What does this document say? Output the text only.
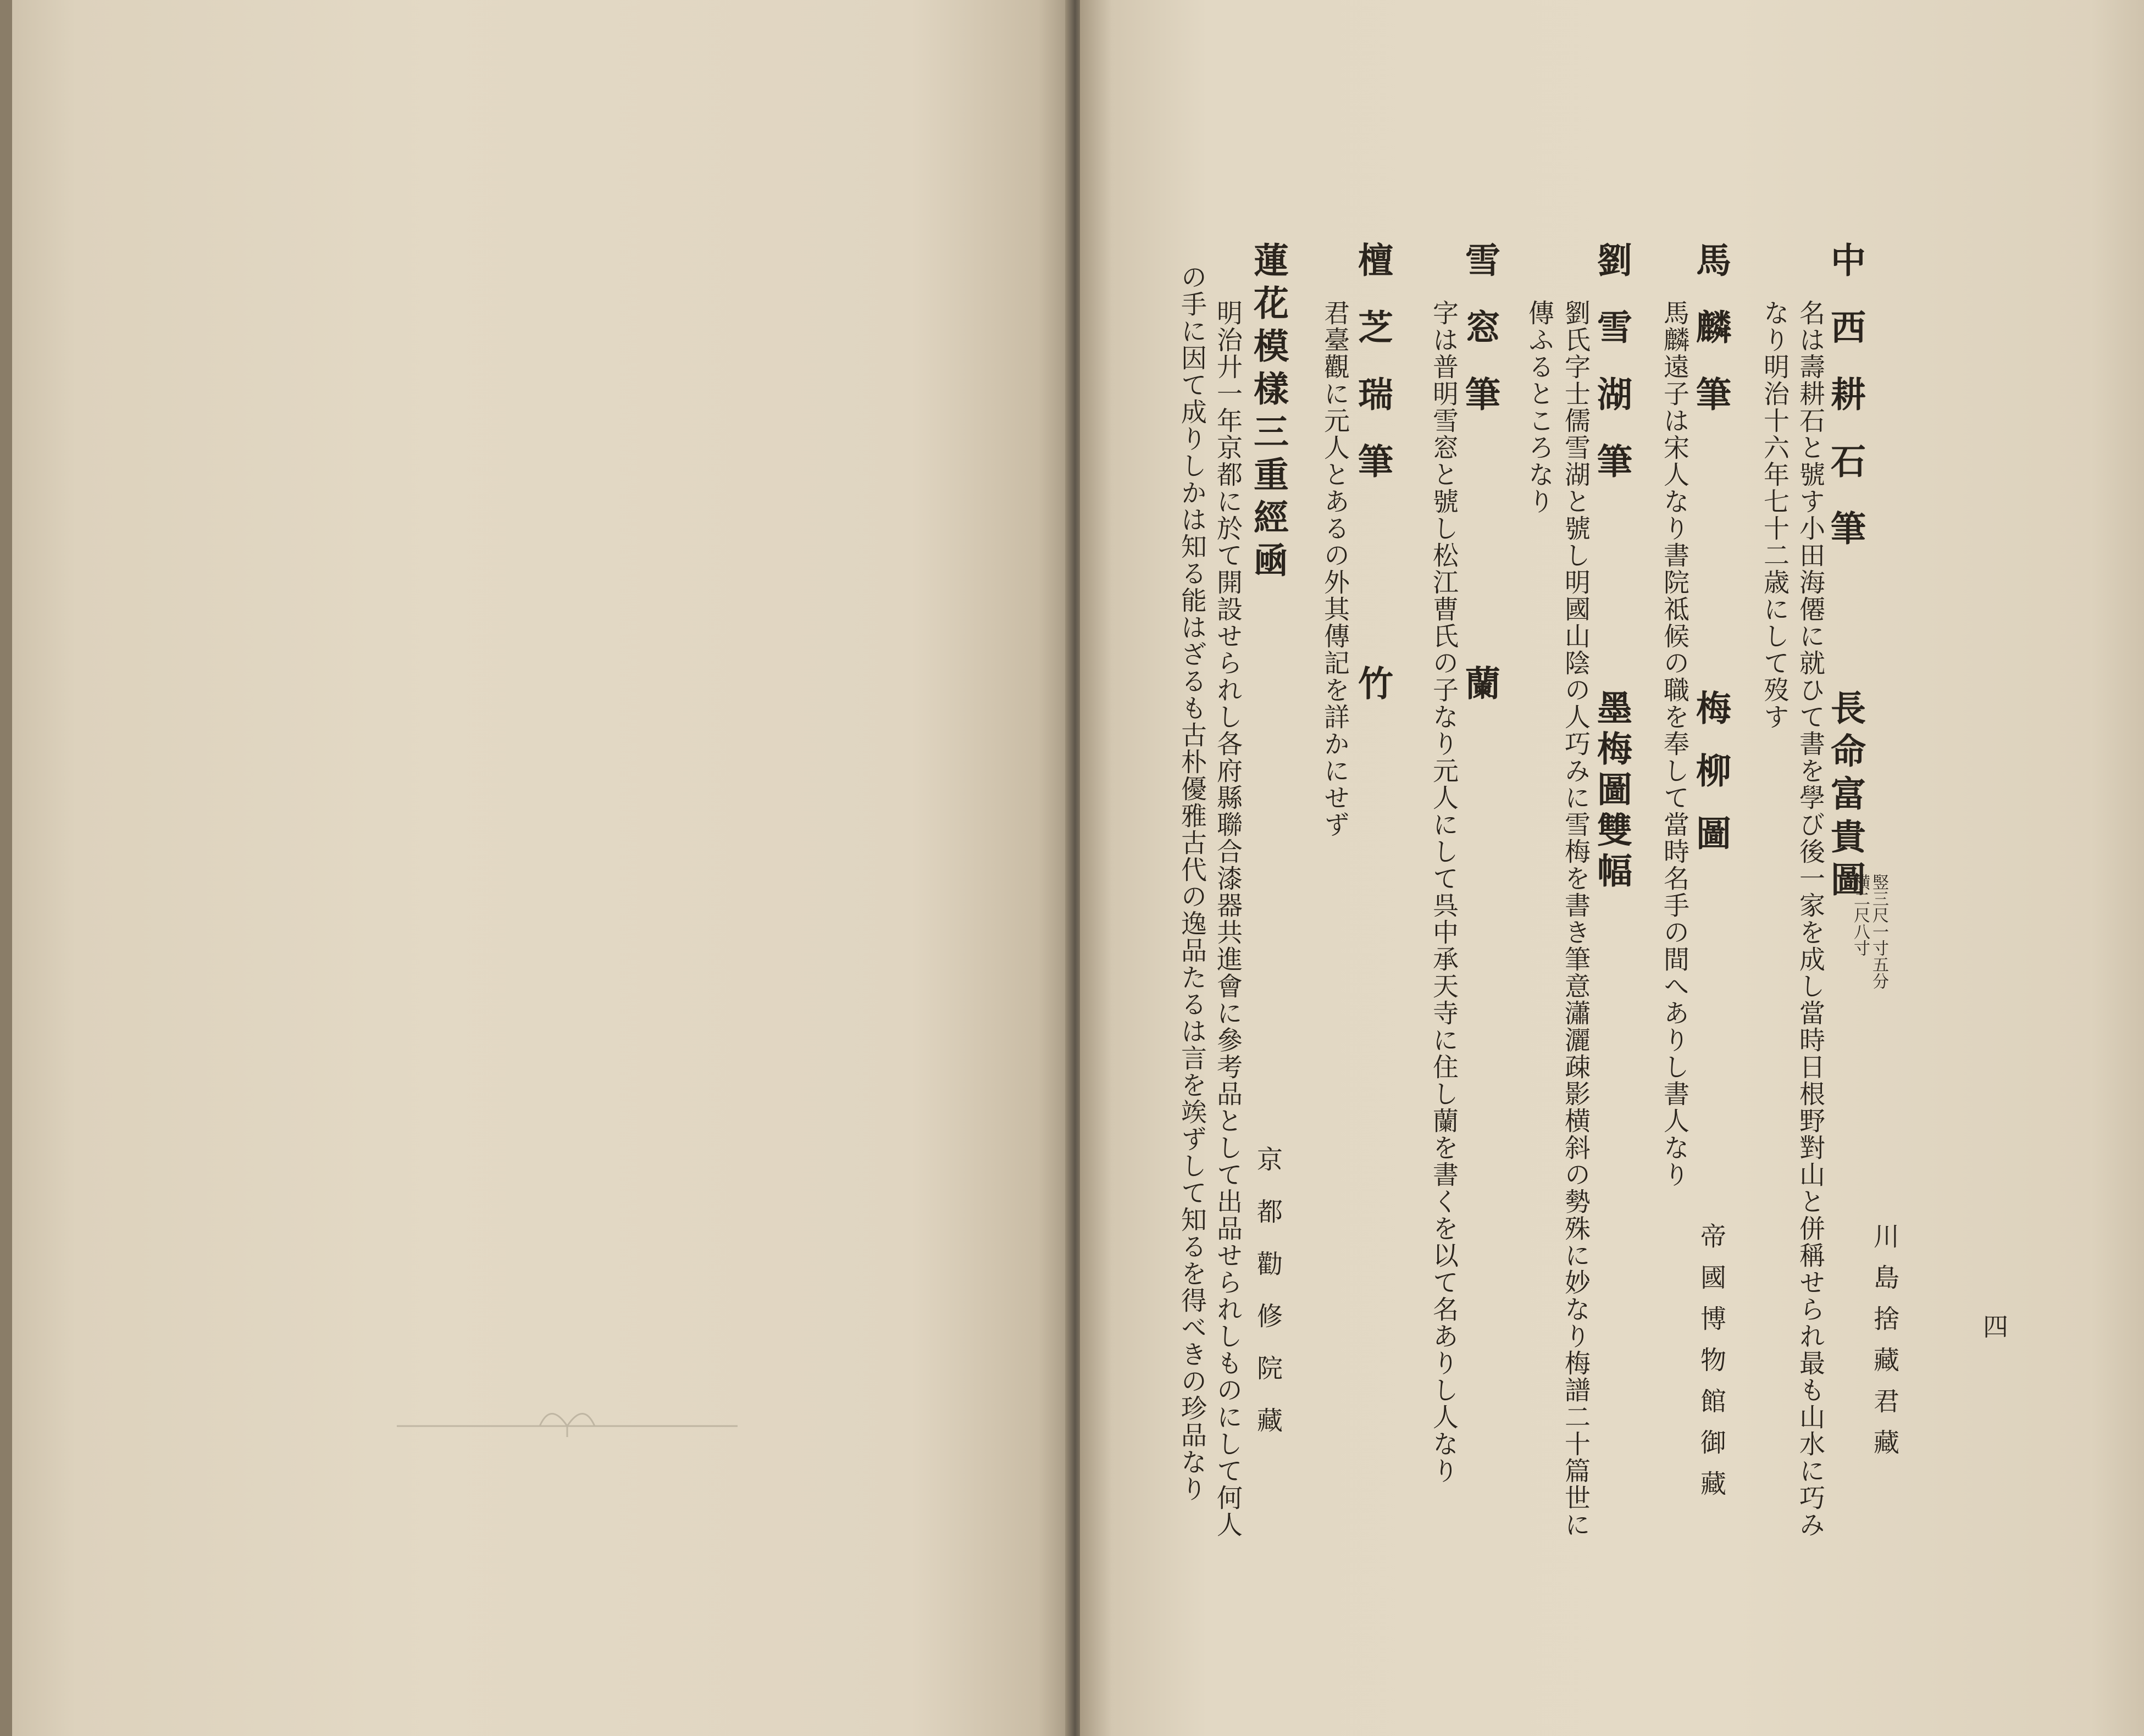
中西耕石筆
長命富貴圖
竪三尺一寸五分
横二尺八寸
名は壽耕石と號す小田海僊に就ひて書を學び後一家を成し當時日根野對山と併稱せられ最も山水に巧み
なり明治十六年七十二歳にして歿す
川島捨藏君藏
馬麟筆
梅柳圖
馬麟遠子は宋人なり書院祗候の職を奉して當時名手の間へありし書人なり
帝國博物館御藏
劉雪湖筆
墨梅圖雙幅
劉氏字士儒雪湖と號し明國山陰の人巧みに雪梅を書き筆意瀟灑疎影横斜の勢殊に妙なり梅譜二十篇世に
傳ふるところなり
雪窓筆
蘭
字は普明雪窓と號し松江曹氏の子なり元人にして呉中承天寺に住し蘭を書くを以て名ありし人なり
檀芝瑞筆
竹
君臺觀に元人とあるの外其傳記を詳かにせず
蓮花模樣三重經凾
京都勸修院藏
明治廾一年京都に於て開設せられし各府縣聯合漆器共進會に參考品として出品せられしものにして何人
の手に因て成りしかは知る能はざるも古朴優雅古代の逸品たるは言を竢ずして知るを得べきの珍品なり	四
